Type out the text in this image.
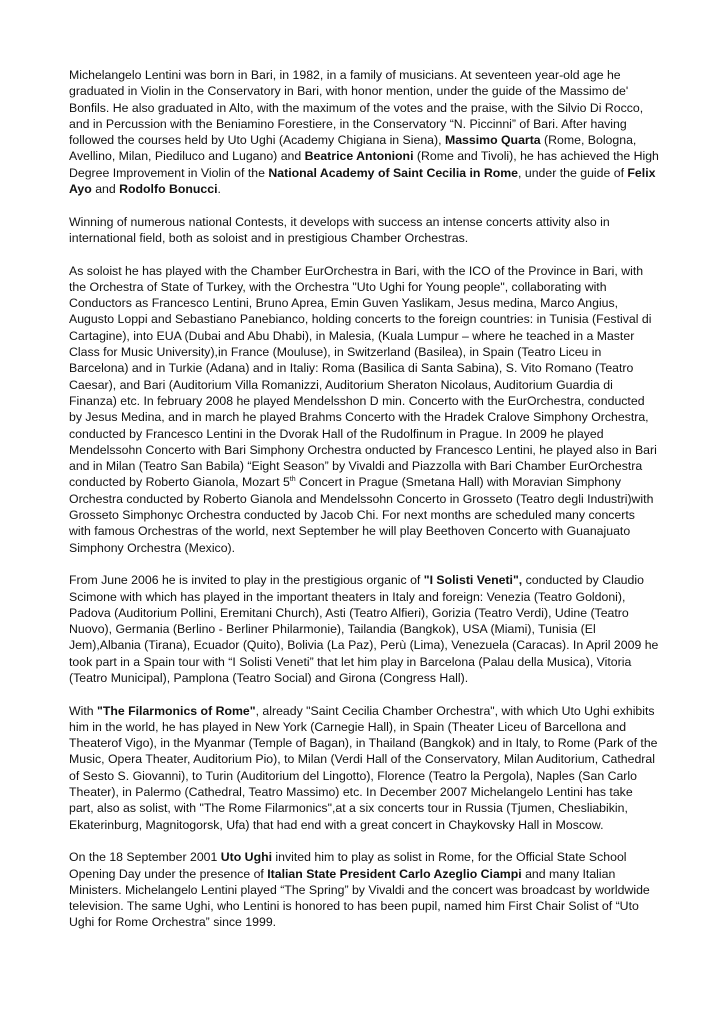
Michelangelo Lentini was born in Bari, in 1982, in a family of musicians. At seventeen year-old age he graduated in Violin in the Conservatory in Bari, with honor mention, under the guide of the Massimo de' Bonfils. He also graduated in Alto, with the maximum of the votes and the praise, with the Silvio Di Rocco, and in Percussion with the Beniamino Forestiere, in the Conservatory “N. Piccinni” of Bari. After having followed the courses held by Uto Ughi (Academy Chigiana in Siena), Massimo Quarta (Rome, Bologna, Avellino, Milan, Piediluco and Lugano) and Beatrice Antonioni (Rome and Tivoli), he has achieved the High Degree Improvement in Violin of the National Academy of Saint Cecilia in Rome, under the guide of Felix Ayo and Rodolfo Bonucci.

Winning of numerous national Contests, it develops with success an intense concerts attivity also in international field, both as soloist and in prestigious Chamber Orchestras.

As soloist he has played with the Chamber EurOrchestra in Bari, with the ICO of the Province in Bari, with the Orchestra of State of Turkey, with the Orchestra "Uto Ughi for Young people", collaborating with Conductors as Francesco Lentini, Bruno Aprea, Emin Guven Yaslikam, Jesus medina, Marco Angius, Augusto Loppi and Sebastiano Panebianco, holding concerts to the foreign countries: in Tunisia (Festival di Cartagine), into EUA (Dubai and Abu Dhabi), in Malesia, (Kuala Lumpur – where he teached in a Master Class for Music University),in France (Mouluse), in Switzerland (Basilea), in Spain (Teatro Liceu in Barcelona) and in Turkie (Adana) and in Italiy: Roma (Basilica di Santa Sabina), S. Vito Romano (Teatro Caesar), and Bari (Auditorium Villa Romanizzi, Auditorium Sheraton Nicolaus, Auditorium Guardia di Finanza) etc. In february 2008 he played Mendelsshon D min. Concerto with the EurOrchestra, conducted by Jesus Medina, and in march he played Brahms Concerto with the Hradek Cralove Simphony Orchestra, conducted by Francesco Lentini in the Dvorak Hall of the Rudolfinum in Prague. In 2009 he played Mendelssohn Concerto with Bari Simphony Orchestra onducted by Francesco Lentini, he played also in Bari and in Milan (Teatro San Babila) “Eight Season” by Vivaldi and Piazzolla with Bari Chamber EurOrchestra conducted by Roberto Gianola, Mozart 5th Concert in Prague (Smetana Hall) with Moravian Simphony Orchestra conducted by Roberto Gianola and Mendelssohn Concerto in Grosseto (Teatro degli Industri)with Grosseto Simphonyc Orchestra conducted by Jacob Chi. For next months are scheduled many concerts with famous Orchestras of the world, next September he will play Beethoven Concerto with Guanajuato Simphony Orchestra (Mexico).

From June 2006 he is invited to play in the prestigious organic of "I Solisti Veneti", conducted by Claudio Scimone with which has played in the important theaters in Italy and foreign: Venezia (Teatro Goldoni), Padova (Auditorium Pollini, Eremitani Church), Asti (Teatro Alfieri), Gorizia (Teatro Verdi), Udine (Teatro Nuovo), Germania (Berlino - Berliner Philarmonie), Tailandia (Bangkok), USA (Miami), Tunisia (El Jem),Albania (Tirana), Ecuador (Quito), Bolivia (La Paz), Perù (Lima), Venezuela (Caracas). In April 2009 he took part in a Spain tour with “I Solisti Veneti” that let him play in Barcelona (Palau della Musica), Vitoria (Teatro Municipal), Pamplona (Teatro Social) and Girona (Congress Hall).

With "The Filarmonics of Rome", already "Saint Cecilia Chamber Orchestra", with which Uto Ughi exhibits him in the world, he has played in New York (Carnegie Hall), in Spain (Theater Liceu of Barcellona and Theaterof Vigo), in the Myanmar (Temple of Bagan), in Thailand (Bangkok) and in Italy, to Rome (Park of the Music, Opera Theater, Auditorium Pio), to Milan (Verdi Hall of the Conservatory, Milan Auditorium, Cathedral of Sesto S. Giovanni), to Turin (Auditorium del Lingotto), Florence (Teatro la Pergola), Naples (San Carlo Theater), in Palermo (Cathedral, Teatro Massimo) etc. In December 2007 Michelangelo Lentini has take part, also as solist, with "The Rome Filarmonics",at a six concerts tour in Russia (Tjumen, Chesliabikin, Ekaterinburg, Magnitogorsk, Ufa) that had end with a great concert in Chaykovsky Hall in Moscow.

On the 18 September 2001 Uto Ughi invited him to play as solist in Rome, for the Official State School Opening Day under the presence of Italian State President Carlo Azeglio Ciampi and many Italian Ministers. Michelangelo Lentini played “The Spring” by Vivaldi and the concert was broadcast by worldwide television. The same Ughi, who Lentini is honored to has been pupil, named him First Chair Solist of “Uto Ughi for Rome Orchestra” since 1999.
